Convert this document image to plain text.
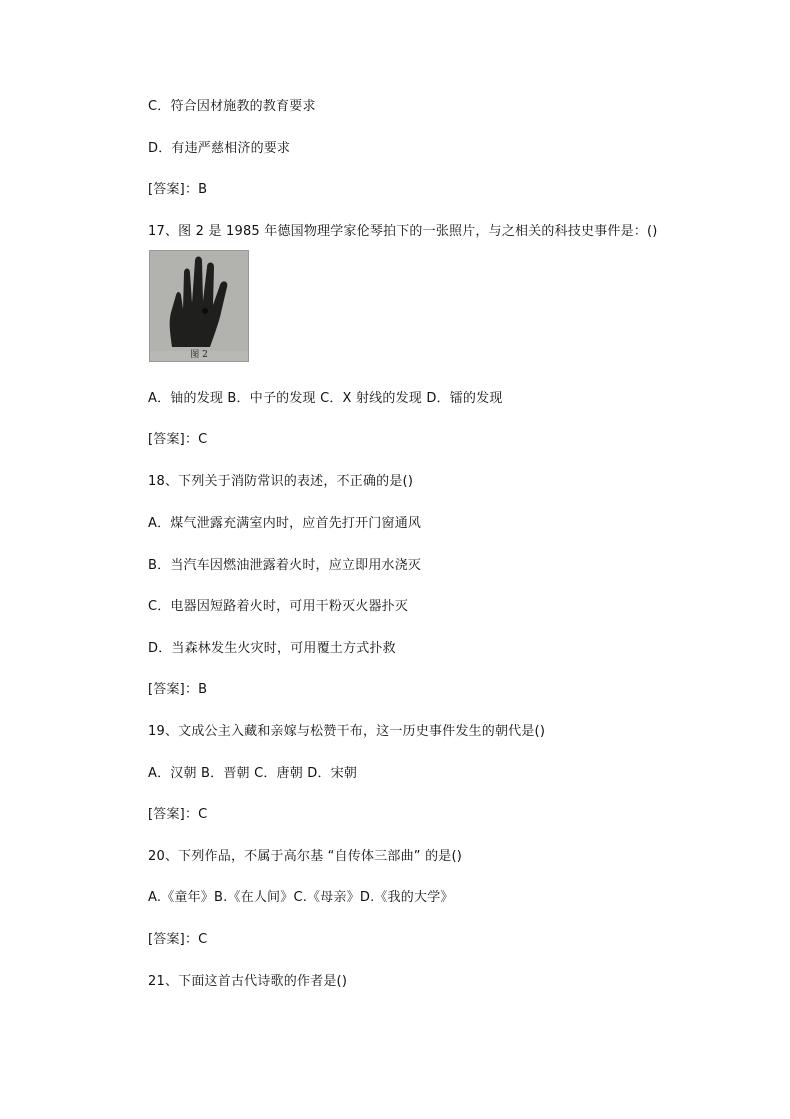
C．符合因材施教的教育要求
D．有违严慈相济的要求
[答案]：B
17、图 2 是 1985 年德国物理学家伦琴拍下的一张照片，与之相关的科技史事件是：()
图 2
A．铀的发现 B．中子的发现 C．X 射线的发现 D．镭的发现
[答案]：C
18、下列关于消防常识的表述，不正确的是()
A．煤气泄露充满室内时，应首先打开门窗通风
B．当汽车因燃油泄露着火时，应立即用水浇灭
C．电器因短路着火时，可用干粉灭火器扑灭
D．当森林发生火灾时，可用覆土方式扑救
[答案]：B
19、文成公主入藏和亲嫁与松赞干布，这一历史事件发生的朝代是()
A．汉朝 B．晋朝 C．唐朝 D．宋朝
[答案]：C
20、下列作品，不属于高尔基 “自传体三部曲” 的是()
A.《童年》B.《在人间》C.《母亲》D.《我的大学》
[答案]：C
21、下面这首古代诗歌的作者是()
